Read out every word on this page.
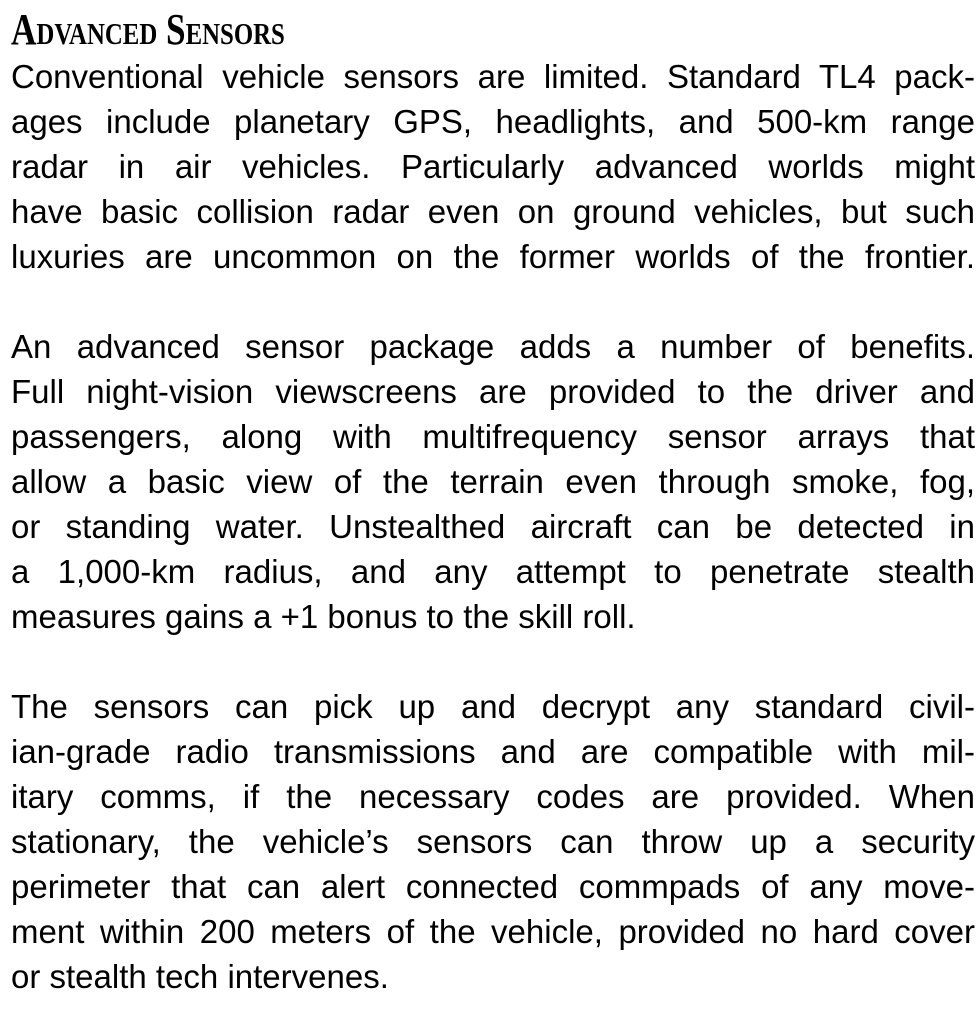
Advanced Sensors
Conventional vehicle sensors are limited. Standard TL4 pack-
ages include planetary GPS, headlights, and 500-km range
radar in air vehicles. Particularly advanced worlds might
have basic collision radar even on ground vehicles, but such
luxuries are uncommon on the former worlds of the frontier.
An advanced sensor package adds a number of benefits.
Full night-vision viewscreens are provided to the driver and
passengers, along with multifrequency sensor arrays that
allow a basic view of the terrain even through smoke, fog,
or standing water. Unstealthed aircraft can be detected in
a 1,000-km radius, and any attempt to penetrate stealth
measures gains a +1 bonus to the skill roll.
The sensors can pick up and decrypt any standard civil-
ian-grade radio transmissions and are compatible with mil-
itary comms, if the necessary codes are provided. When
stationary, the vehicle’s sensors can throw up a security
perimeter that can alert connected commpads of any move-
ment within 200 meters of the vehicle, provided no hard cover
or stealth tech intervenes.
